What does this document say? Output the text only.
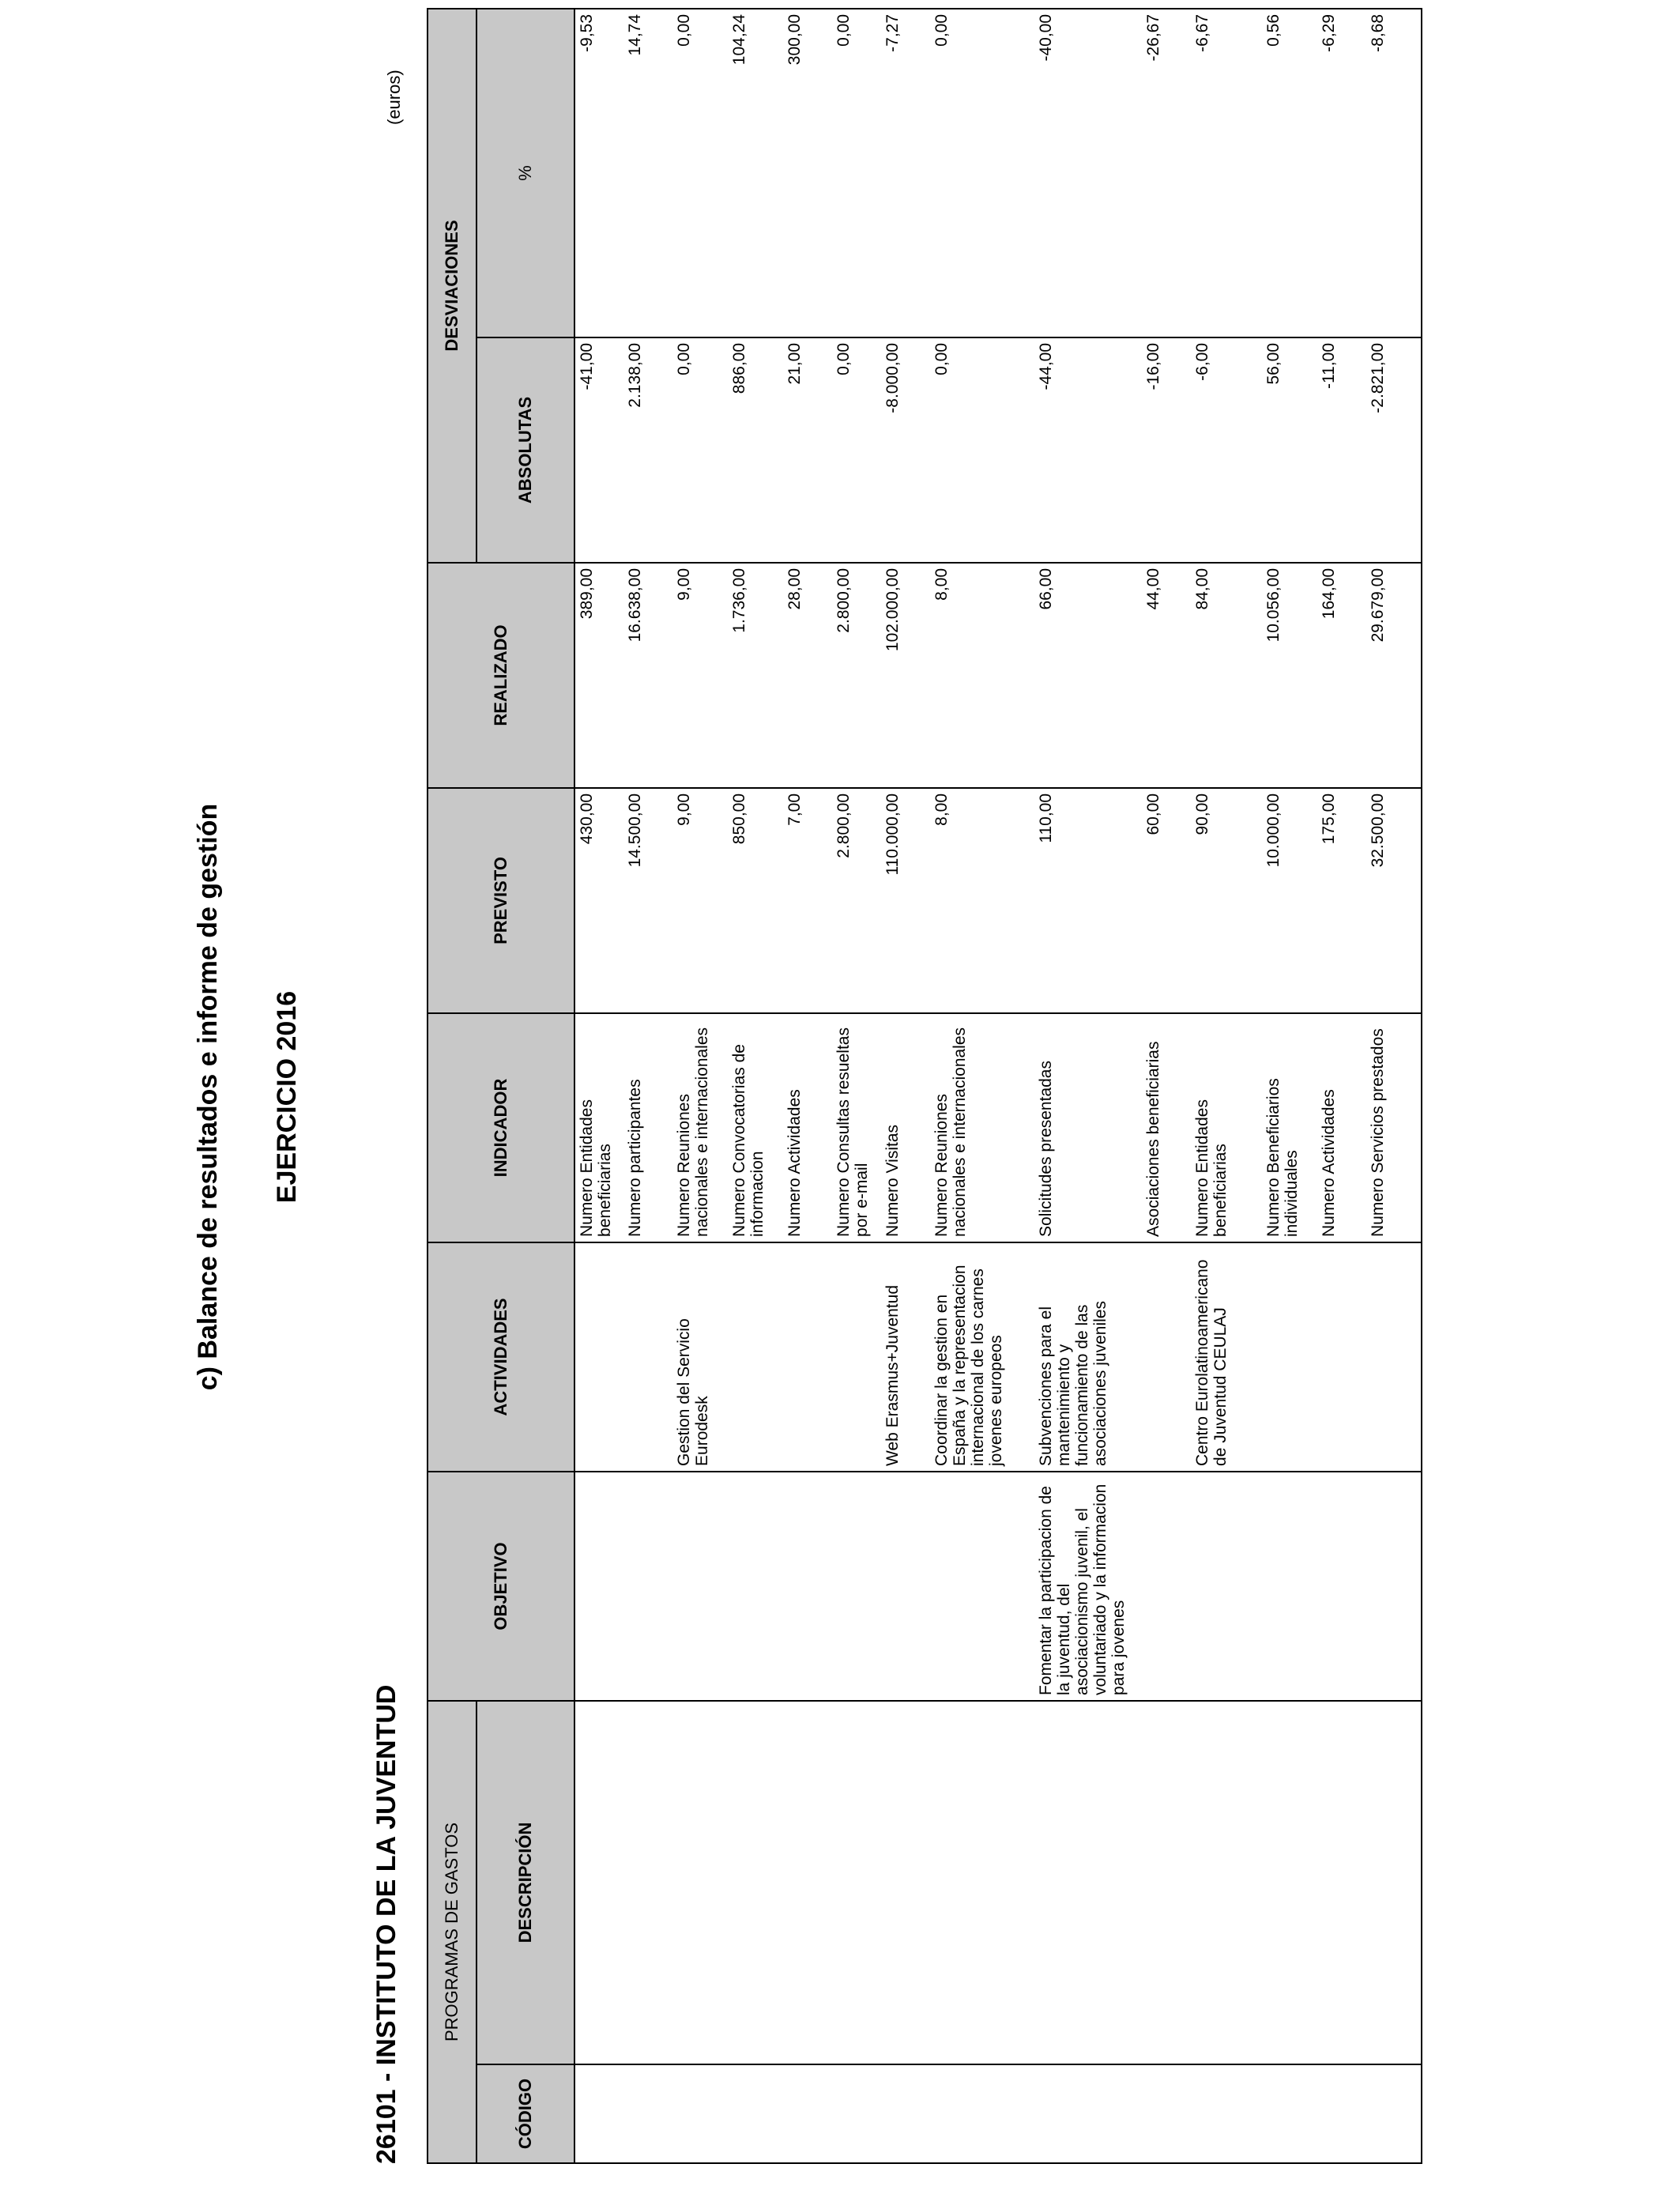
c) Balance de resultados e informe de gestión EJERCICIO 2016
26101 - INSTITUTO DE LA JUVENTUD
(euros)
PROGRAMAS DE GASTOS		OBJETIVO	ACTIVIDADES	INDICADOR	PREVISTO	REALIZADO	DESVIACIONES	
CÓDIGO	DESCRIPCIÓN						ABSOLUTAS	%
				Numero Entidades beneficiarias	430,00	389,00	-41,00	-9,53
				Numero participantes	14.500,00	16.638,00	2.138,00	14,74
			Gestion del Servicio Eurodesk	Numero Reuniones nacionales e internacionales	9,00	9,00	0,00	0,00
				Numero Convocatorias de informacion	850,00	1.736,00	886,00	104,24
				Numero Actividades	7,00	28,00	21,00	300,00
				Numero Consultas resueltas por e-mail	2.800,00	2.800,00	0,00	0,00
			Web Erasmus+Juventud	Numero Visitas	110.000,00	102.000,00	-8.000,00	-7,27
			Coordinar la gestion en España y la representacion internacional de los carnes jovenes europeos	Numero Reuniones nacionales e internacionales	8,00	8,00	0,00	0,00
		Fomentar la participacion de la juventud, del asociacionismo juvenil, el voluntariado y la informacion para jovenes	Subvenciones para el mantenimiento y funcionamiento de las asociaciones juveniles	Solicitudes presentadas	110,00	66,00	-44,00	-40,00
				Asociaciones beneficiarias	60,00	44,00	-16,00	-26,67
			Centro Eurolatinoamericano de Juventud CEULAJ	Numero Entidades beneficiarias	90,00	84,00	-6,00	-6,67
				Numero Beneficiarios individuales	10.000,00	10.056,00	56,00	0,56
				Numero Actividades	175,00	164,00	-11,00	-6,29
				Numero Servicios prestados	32.500,00	29.679,00	-2.821,00	-8,68
